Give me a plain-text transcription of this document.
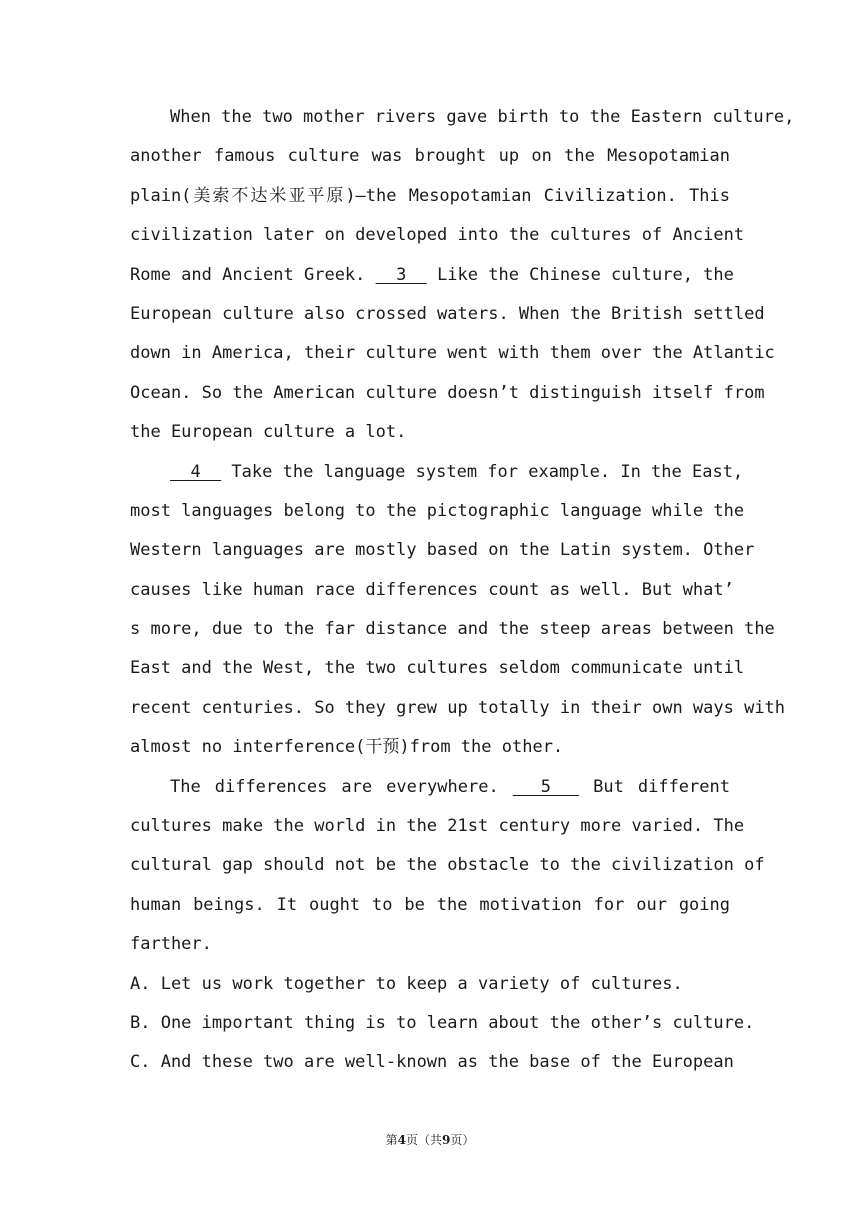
When the two mother rivers gave birth to the Eastern culture,
another famous culture was brought up on the Mesopotamian
plain(美索不达米亚平原)—the Mesopotamian Civilization. This
civilization later on developed into the cultures of Ancient
Rome and Ancient Greek.   3   Like the Chinese culture, the
European culture also crossed waters. When the British settled
down in America, their culture went with them over the Atlantic
Ocean. So the American culture doesn’t distinguish itself from
the European culture a lot.
4   Take the language system for example. In the East,
most languages belong to the pictographic language while the
Western languages are mostly based on the Latin system. Other
causes like human race differences count as well. But what’
s more, due to the far distance and the steep areas between the
East and the West, the two cultures seldom communicate until
recent centuries. So they grew up totally in their own ways with
almost no interference(干预)from the other.
The differences are everywhere.   5   But different
cultures make the world in the 21st century more varied. The
cultural gap should not be the obstacle to the civilization of
human beings. It ought to be the motivation for our going
farther.
A. Let us work together to keep a variety of cultures.
B. One important thing is to learn about the other’s culture.
C. And these two are well-known as the base of the European
第4页（共9页）
